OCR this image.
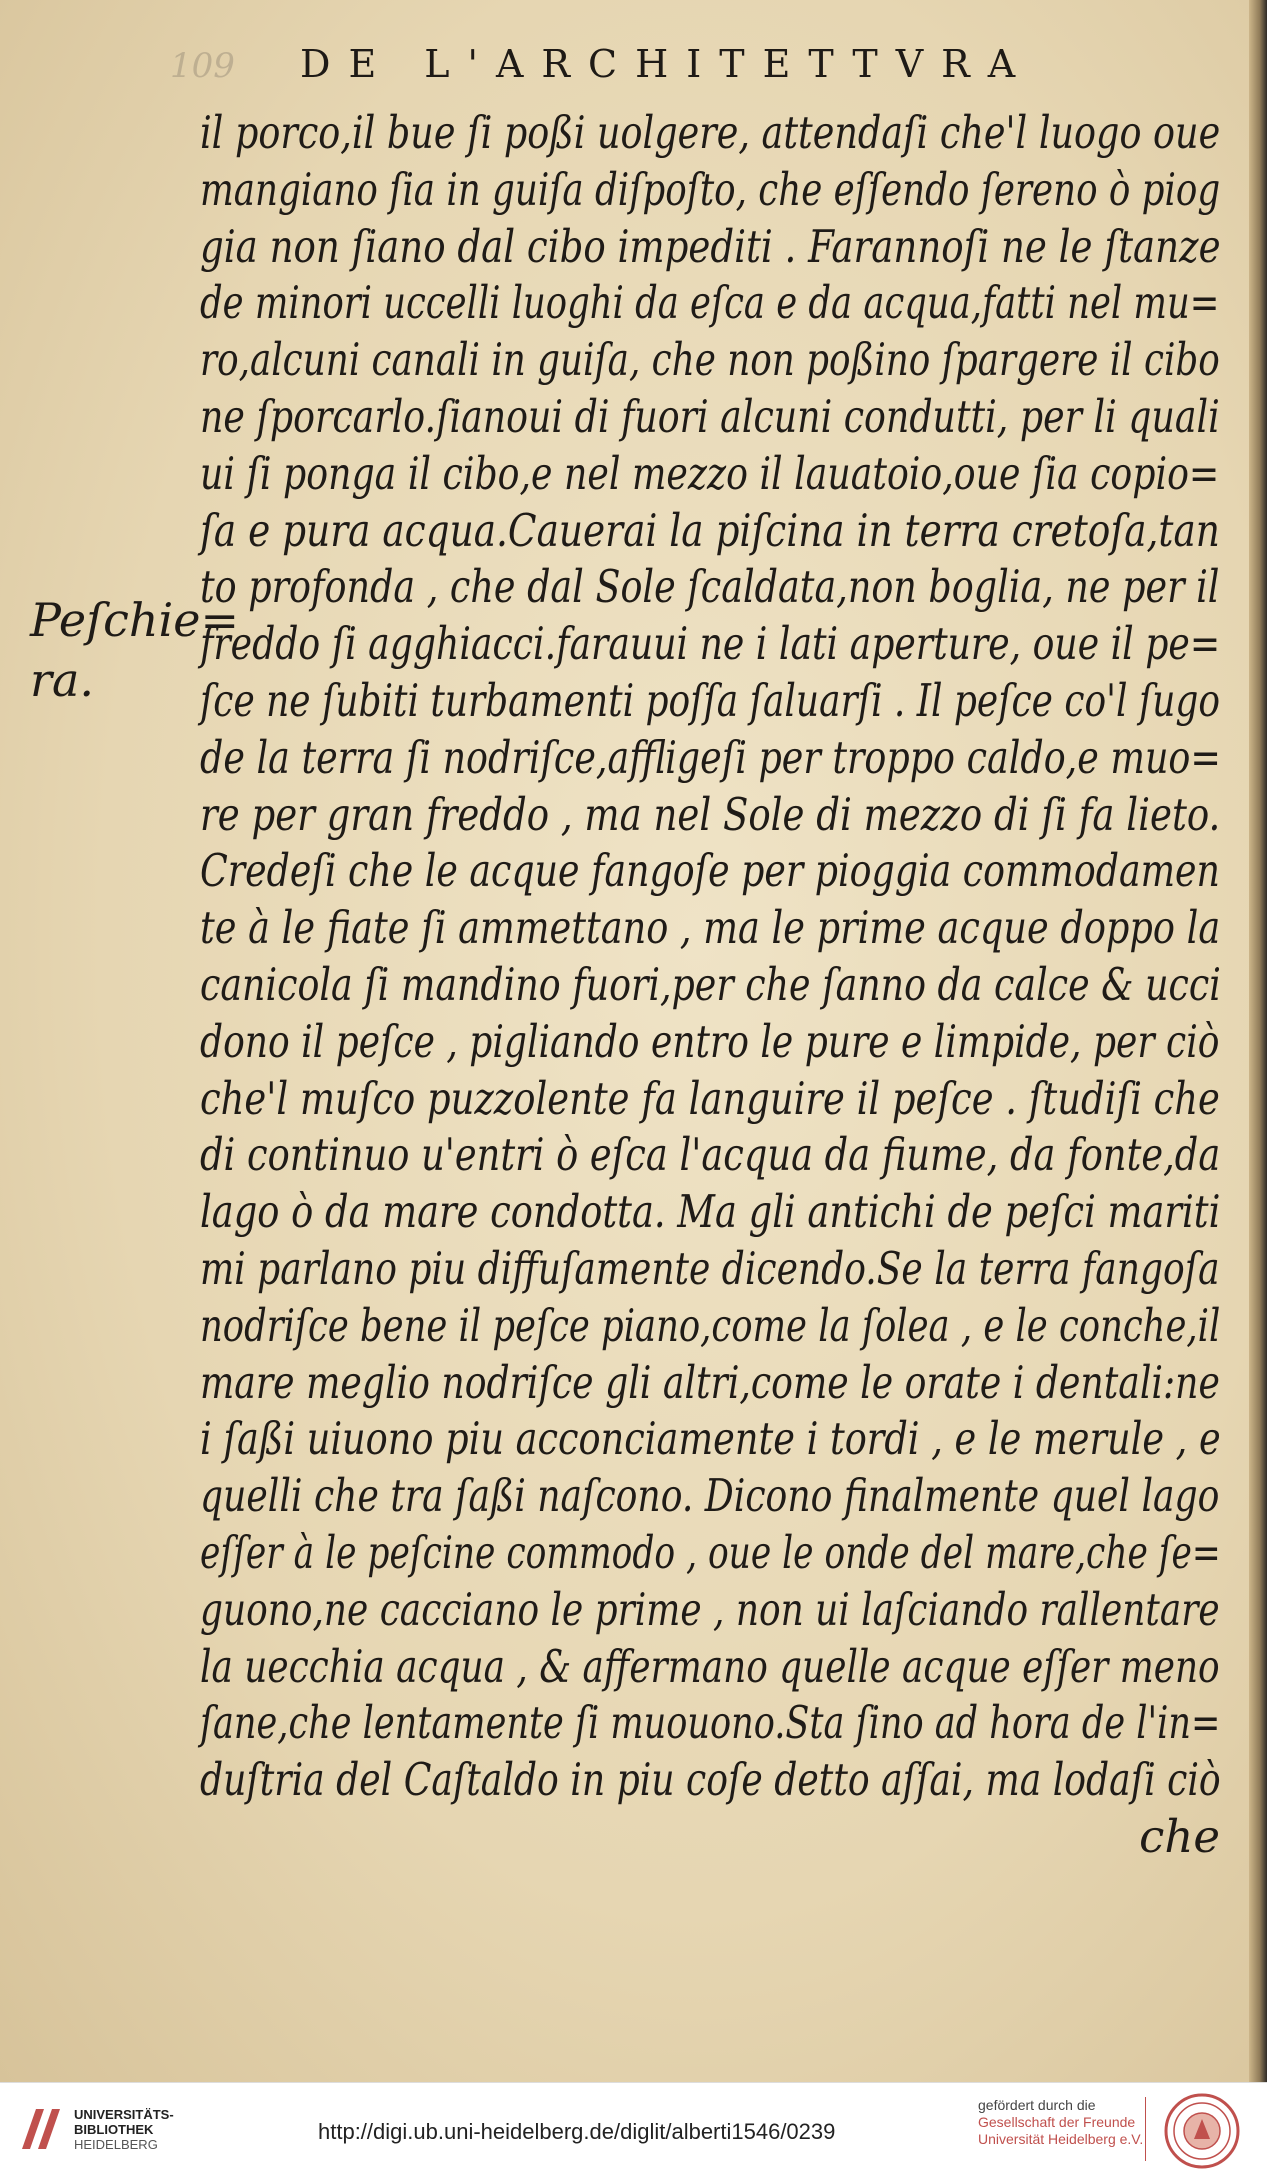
109 DE L'ARCHITETTVRA
Peſchie=
ra.
il porco,il bue ſi poßi uolgere, attendaſi che'l luogo oue
mangiano ſia in guiſa diſpoſto, che eſſendo ſereno ò piog
gia non ſiano dal cibo impediti . Farannoſi ne le ſtanze
de minori uccelli luoghi da eſca e da acqua,fatti nel mu=
ro,alcuni canali in guiſa, che non poßino ſpargere il cibo
ne ſporcarlo.ſianoui di fuori alcuni condutti, per li quali
ui ſi ponga il cibo,e nel mezzo il lauatoio,oue ſia copio=
ſa e pura acqua.Cauerai la piſcina in terra cretoſa,tan
to profonda , che dal Sole ſcaldata,non boglia, ne per il
freddo ſi agghiacci.farauui ne i lati aperture, oue il pe=
ſce ne ſubiti turbamenti poſſa ſaluarſi . Il peſce co'l ſugo
de la terra ſi nodriſce,affligeſi per troppo caldo,e muo=
re per gran freddo , ma nel Sole di mezzo di ſi fa lieto.
Credeſi che le acque fangoſe per pioggia commodamen
te à le fiate ſi ammettano , ma le prime acque doppo la
canicola ſi mandino fuori,per che ſanno da calce & ucci
dono il peſce , pigliando entro le pure e limpide, per ciò
che'l muſco puzzolente fa languire il peſce . ſtudiſi che
di continuo u'entri ò eſca l'acqua da fiume, da fonte,da
lago ò da mare condotta. Ma gli antichi de peſci mariti
mi parlano piu diffuſamente dicendo.Se la terra fangoſa
nodriſce bene il peſce piano,come la ſolea , e le conche,il
mare meglio nodriſce gli altri,come le orate i dentali:ne
i ſaßi uiuono piu acconciamente i tordi , e le merule , e
quelli che tra ſaßi naſcono. Dicono finalmente quel lago
eſſer à le peſcine commodo , oue le onde del mare,che ſe=
guono,ne cacciano le prime , non ui laſciando rallentare
la uecchia acqua , & affermano quelle acque eſſer meno
ſane,che lentamente ſi muouono.Sta ſino ad hora de l'in=
duſtria del Caſtaldo in piu coſe detto aſſai, ma lodaſi ciò
che
UNIVERSITÄTS-
BIBLIOTHEK
HEIDELBERG
http://digi.ub.uni-heidelberg.de/diglit/alberti1546/0239
gefördert durch die
Gesellschaft der Freunde
Universität Heidelberg e.V.
